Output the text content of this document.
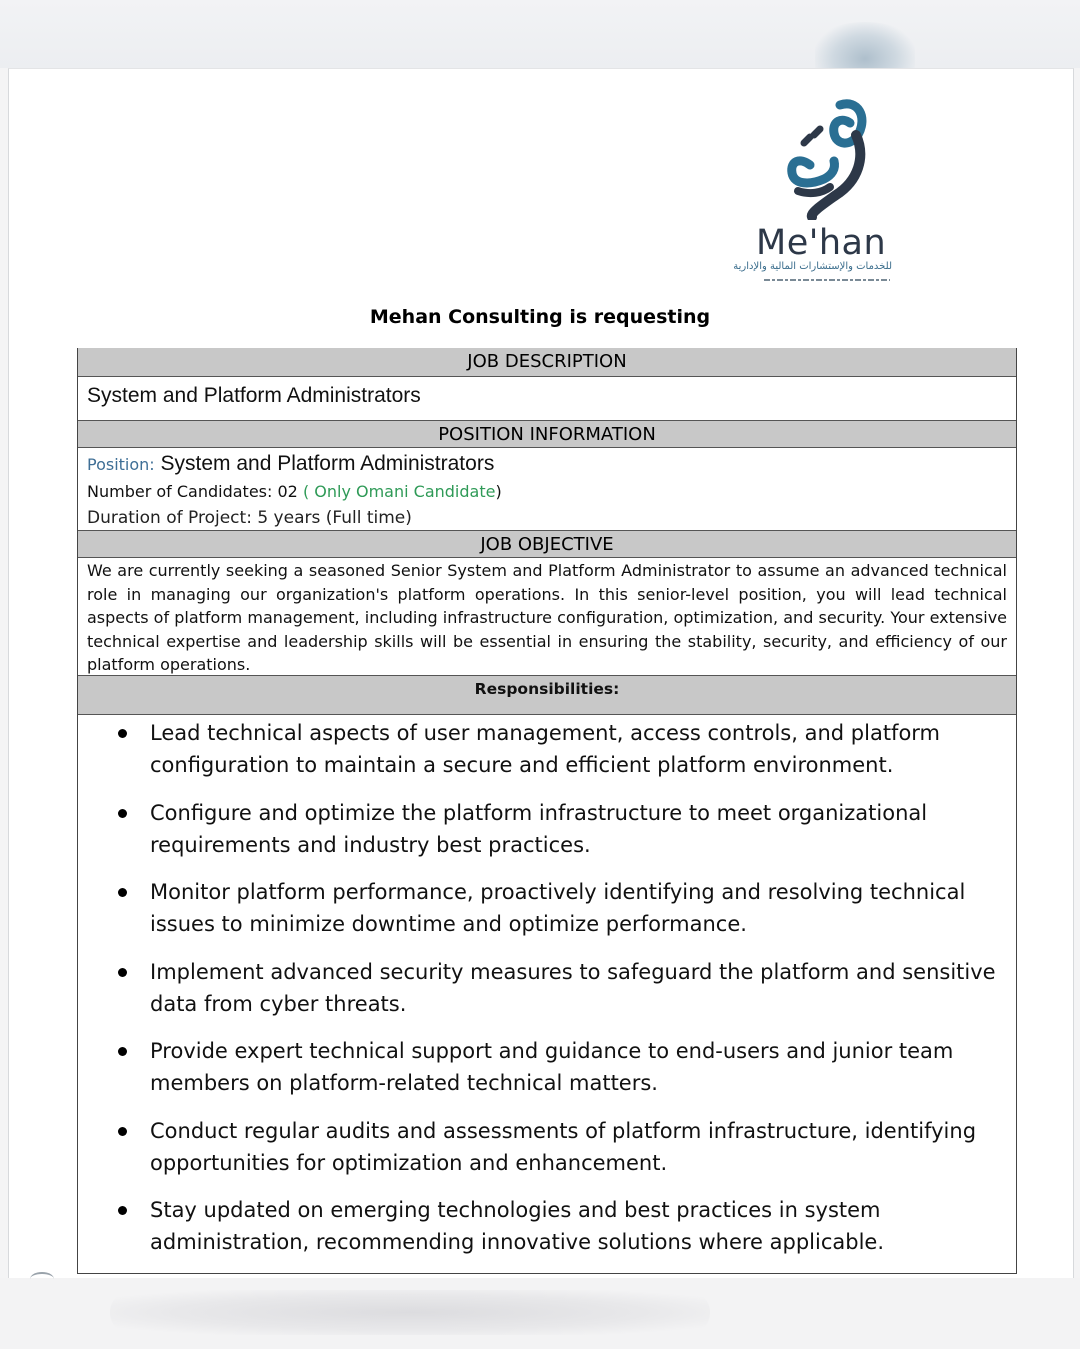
Me'han
للخدمات والإستشارات المالية والإدارية
Mehan Consulting is requesting
JOB DESCRIPTION
System and Platform Administrators
POSITION INFORMATION
Position: System and Platform Administrators
Number of Candidates: 02 ( Only Omani Candidate)
Duration of Project: 5 years (Full time)
JOB OBJECTIVE
We are currently seeking a seasoned Senior System and Platform Administrator to assume an advanced technical role in managing our organization's platform operations. In this senior-level position, you will lead technical aspects of platform management, including infrastructure configuration, optimization, and security. Your extensive technical expertise and leadership skills will be essential in ensuring the stability, security, and efficiency of our platform operations.
Responsibilities:
Lead technical aspects of user management, access controls, and platform configuration to maintain a secure and efficient platform environment.
Configure and optimize the platform infrastructure to meet organizational requirements and industry best practices.
Monitor platform performance, proactively identifying and resolving technical issues to minimize downtime and optimize performance.
Implement advanced security measures to safeguard the platform and sensitive data from cyber threats.
Provide expert technical support and guidance to end-users and junior team members on platform-related technical matters.
Conduct regular audits and assessments of platform infrastructure, identifying opportunities for optimization and enhancement.
Stay updated on emerging technologies and best practices in system administration, recommending innovative solutions where applicable.
